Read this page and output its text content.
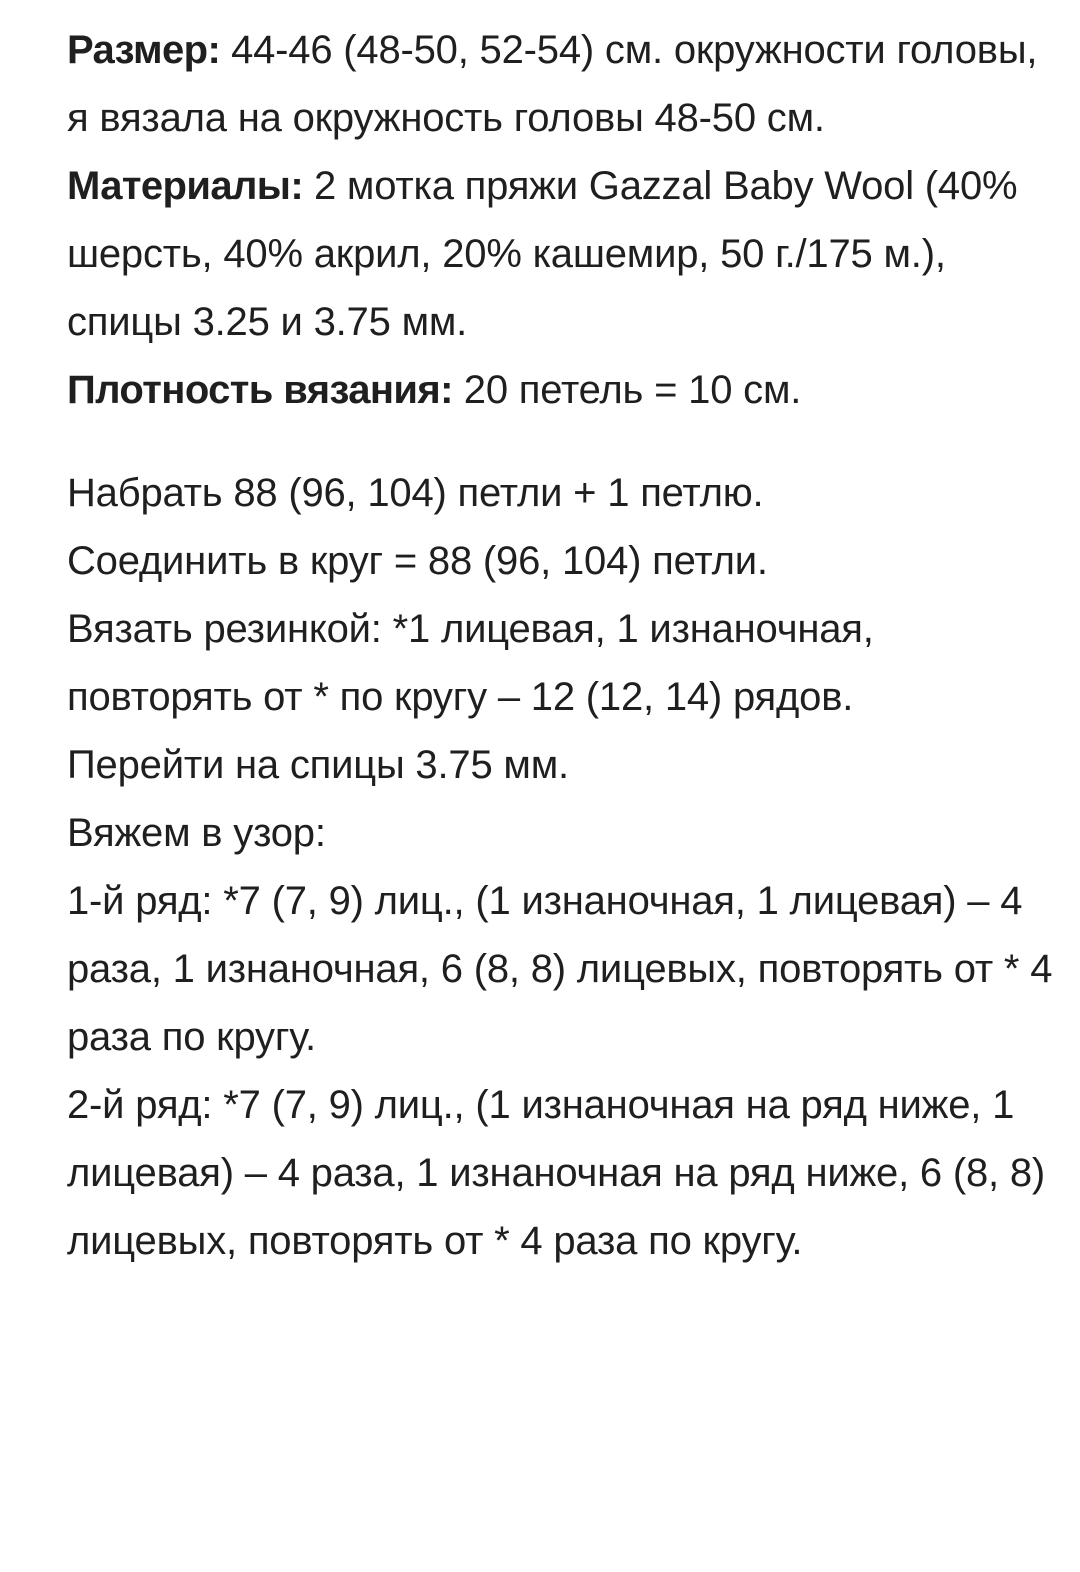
Размер: 44-46 (48-50, 52-54) см. окружности головы, я вязала на окружность головы 48-50 см.

Материалы: 2 мотка пряжи Gazzal Baby Wool (40% шерсть, 40% акрил, 20% кашемир, 50 г./175 м.), спицы 3.25 и 3.75 мм.

Плотность вязания: 20 петель = 10 см.

Набрать 88 (96, 104) петли + 1 петлю.

Соединить в круг = 88 (96, 104) петли.

Вязать резинкой: *1 лицевая, 1 изнаночная, повторять от * по кругу – 12 (12, 14) рядов.

Перейти на спицы 3.75 мм.

Вяжем в узор:

1-й ряд: *7 (7, 9) лиц., (1 изнаночная, 1 лицевая) – 4 раза, 1 изнаночная, 6 (8, 8) лицевых, повторять от * 4 раза по кругу.

2-й ряд: *7 (7, 9) лиц., (1 изнаночная на ряд ниже, 1 лицевая) – 4 раза, 1 изнаночная на ряд ниже, 6 (8, 8) лицевых, повторять от * 4 раза по кругу.
